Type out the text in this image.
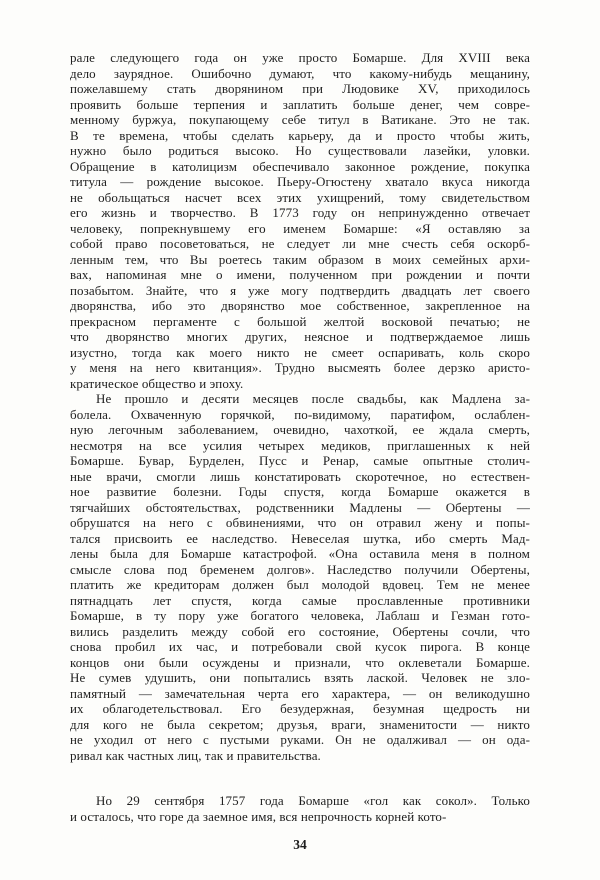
рале следующего года он уже просто Бомарше. Для XVIII века
дело заурядное. Ошибочно думают, что какому-нибудь мещанину,
пожелавшему стать дворянином при Людовике XV, приходилось
проявить больше терпения и заплатить больше денег, чем совре-
менному буржуа, покупающему себе титул в Ватикане. Это не так.
В те времена, чтобы сделать карьеру, да и просто чтобы жить,
нужно было родиться высоко. Но существовали лазейки, уловки.
Обращение в католицизм обеспечивало законное рождение, покупка
титула — рождение высокое. Пьеру-Огюстену хватало вкуса никогда
не обольщаться насчет всех этих ухищрений, тому свидетельством
его жизнь и творчество. В 1773 году он непринужденно отвечает
человеку, попрекнувшему его именем Бомарше: «Я оставляю за
собой право посоветоваться, не следует ли мне счесть себя оскорб-
ленным тем, что Вы роетесь таким образом в моих семейных архи-
вах, напоминая мне о имени, полученном при рождении и почти
позабытом. Знайте, что я уже могу подтвердить двадцать лет своего
дворянства, ибо это дворянство мое собственное, закрепленное на
прекрасном пергаменте с большой желтой восковой печатью; не
что дворянство многих других, неясное и подтверждаемое лишь
изустно, тогда как моего никто не смеет оспаривать, коль скоро
у меня на него квитанция». Трудно высмеять более дерзко аристо-
кратическое общество и эпоху.
Не прошло и десяти месяцев после свадьбы, как Мадлена за-
болела. Охваченную горячкой, по-видимому, паратифом, ослаблен-
ную легочным заболеванием, очевидно, чахоткой, ее ждала смерть,
несмотря на все усилия четырех медиков, приглашенных к ней
Бомарше. Бувар, Бурделен, Пусс и Ренар, самые опытные столич-
ные врачи, смогли лишь констатировать скоротечное, но естествен-
ное развитие болезни. Годы спустя, когда Бомарше окажется в
тягчайших обстоятельствах, родственники Мадлены — Обертены —
обрушатся на него с обвинениями, что он отравил жену и попы-
тался присвоить ее наследство. Невеселая шутка, ибо смерть Мад-
лены была для Бомарше катастрофой. «Она оставила меня в полном
смысле слова под бременем долгов». Наследство получили Обертены,
платить же кредиторам должен был молодой вдовец. Тем не менее
пятнадцать лет спустя, когда самые прославленные противники
Бомарше, в ту пору уже богатого человека, Лаблаш и Гезман гото-
вились разделить между собой его состояние, Обертены сочли, что
снова пробил их час, и потребовали свой кусок пирога. В конце
концов они были осуждены и признали, что оклеветали Бомарше.
Не сумев удушить, они попытались взять лаской. Человек не зло-
памятный — замечательная черта его характера, — он великодушно
их облагодетельствовал. Его безудержная, безумная щедрость ни
для кого не была секретом; друзья, враги, знаменитости — никто
не уходил от него с пустыми руками. Он не одалживал — он ода-
ривал как частных лиц, так и правительства.
Но 29 сентября 1757 года Бомарше «гол как сокол». Только
и осталось, что горе да заемное имя, вся непрочность корней кото-
34
